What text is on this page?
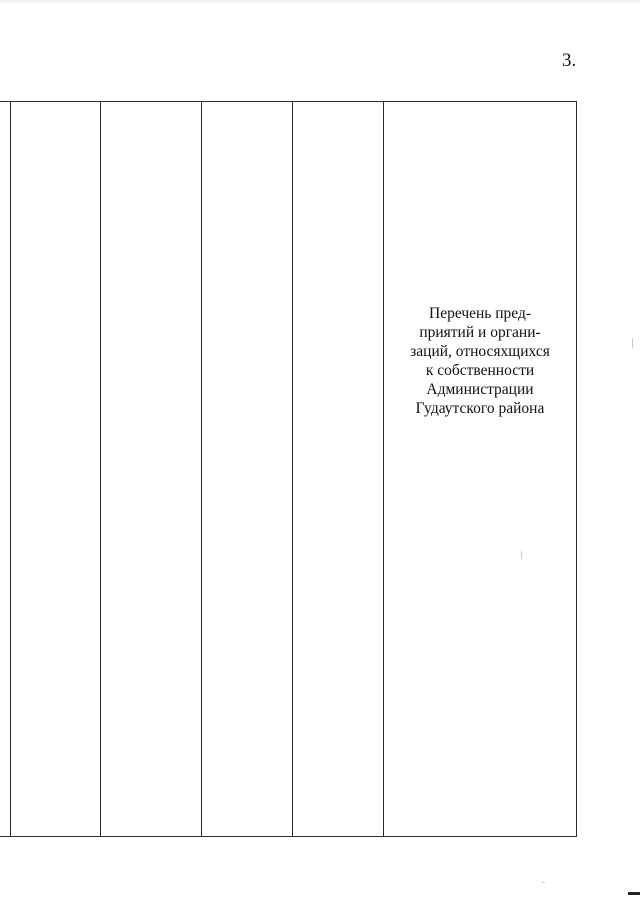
3.
Перечень пред-
приятий и органи-
заций, относяхщихся
к собственности
Администрации
Гудаутского района
